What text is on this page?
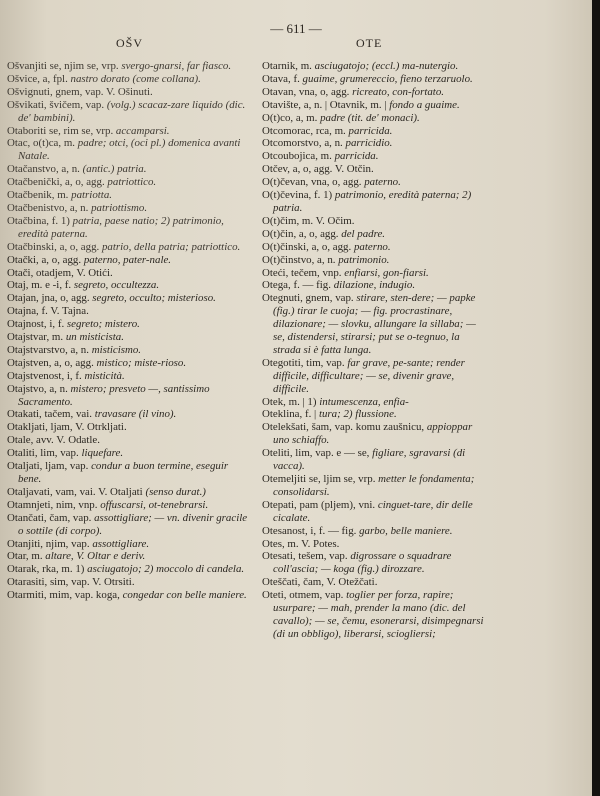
OŠV
— 611 —
OTE
Ošvanjiti se, njim se, vrp. svergo-gnarsi, far fiasco.
Ošvice, a, fpl. nastro dorato (come collana).
Ošvignuti, gnem, vap. V. Ošinuti.
Ošvikati, švičem, vap. (volg.) scacaz-zare liquido (dic. de' bambini).
Otaboriti se, rim se, vrp. accamparsi.
Otac, o(t)ca, m. padre; otci, (oci pl.) domenica avanti Natale.
Otačanstvo, a, n. (antic.) patria.
Otačbenički, a, o, agg. patriottico.
Otačbenik, m. patriotta.
Otačbenistvo, a, n. patriottismo.
Otačbina, f. 1) patria, paese natio; 2) patrimonio, eredità paterna.
Otačbinski, a, o, agg. patrio, della patria; patriottico.
Otački, a, o, agg. paterno, pater-nale.
Otači, otadjem, V. Otići.
Otaj, m. e -i, f. segreto, occultezza.
Otajan, jna, o, agg. segreto, occulto; misterioso.
Otajna, f. V. Tajna.
Otajnost, i, f. segreto; mistero.
Otajstvar, m. un misticista.
Otajstvarstvo, a, n. misticismo.
Otajstven, a, o, agg. mistico; miste-rioso.
Otajstvenost, i, f. misticità.
Otajstvo, a, n. mistero; presveto —, santissimo Sacramento.
Otakati, tačem, vai. travasare (il vino).
Otakljati, ljam, V. Otrkljati.
Otale, avv. V. Odatle.
Otaliti, lim, vap. liquefare.
Otaljati, ljam, vap. condur a buon termine, eseguir bene.
Otaljavati, vam, vai. V. Otaljati (senso durat.)
Otamnjeti, nim, vnp. offuscarsi, ot-tenebrarsi.
Otančati, čam, vap. assottigliare; — vn. divenir gracile o sottile (di corpo).
Otanjiti, njim, vap. assottigliare.
Otar, m. altare, V. Oltar e deriv.
Otarak, rka, m. 1) asciugatojo; 2) moccolo di candela.
Otarasiti, sim, vap. V. Otrsiti.
Otarmiti, mim, vap. koga, congedar con belle maniere.
Otarnik, m. asciugatojo; (eccl.) ma-nutergio.
Otava, f. guaime, grumereccio, fieno terzaruolo.
Otavan, vna, o, agg. ricreato, con-fortato.
Otavište, a, n. | Otavnik, m. | fondo a guaime.
O(t)co, a, m. padre (tit. de' monaci).
Otcomorac, rca, m. parricida.
Otcomorstvo, a, n. parricidio.
Otcoubojica, m. parricida.
Otčev, a, o, agg. V. Otčin.
O(t)čevan, vna, o, agg. paterno.
O(t)čevina, f. 1) patrimonio, eredità paterna; 2) patria.
O(t)čim, m. V. Očim.
O(t)čin, a, o, agg. del padre.
O(t)činski, a, o, agg. paterno.
O(t)činstvo, a, n. patrimonio.
Oteći, tečem, vnp. enfiarsi, gon-fiarsi.
Otega, f. — fig. dilazione, indugio.
Otegnuti, gnem, vap. stirare, sten-dere; — papke (fig.) tirar le cuoja; — fig. procrastinare, dilazionare; — slovku, allungare la sillaba; — se, distendersi, stirarsi; put se o-tegnuo, la strada si è fatta lunga.
Otegotiti, tim, vap. far grave, pe-sante; render difficile, difficultare; — se, divenir grave, difficile.
Otek, m. | 1) intumescenza, enfia-
Oteklina, f. | tura; 2) flussione.
Otelekšati, šam, vap. komu zaušnicu, appioppar uno schiaffo.
Oteliti, lim, vap. e — se, figliare, sgravarsi (di vacca).
Otemeljiti se, ljim se, vrp. metter le fondamenta; consolidarsi.
Otepati, pam (pljem), vni. cinguet-tare, dir delle cicalate.
Otesanost, i, f. — fig. garbo, belle maniere.
Otes, m. V. Potes.
Otesati, tešem, vap. digrossare o squadrare coll'ascia; — koga (fig.) dirozzare.
Oteščati, čam, V. Otežčati.
Oteti, otmem, vap. toglier per forza, rapire; usurpare; — mah, prender la mano (dic. del cavallo); — se, čemu, esonerarsi, disimpegnarsi (di un obbligo), liberarsi, sciogliersi;
